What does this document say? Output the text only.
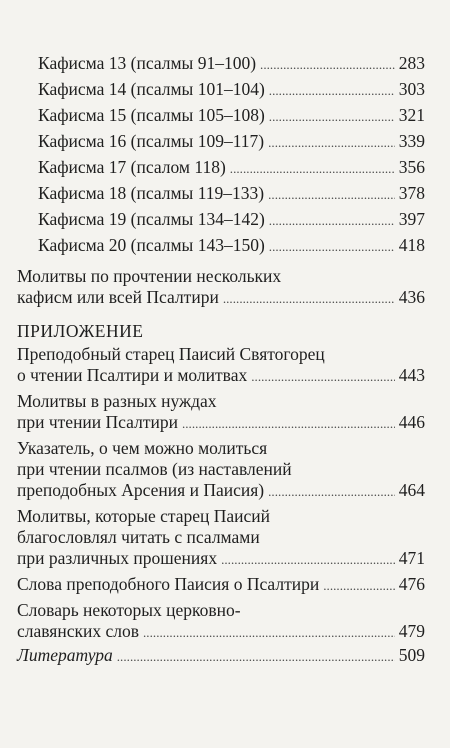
Кафисма 13 (псалмы 91–100) . . .	283
Кафисма 14 (псалмы 101–104) . . .	303
Кафисма 15 (псалмы 105–108) . . .	321
Кафисма 16 (псалмы 109–117) . . .	339
Кафисма 17 (псалом 118) . . .	356
Кафисма 18 (псалмы 119–133) . . .	378
Кафисма 19 (псалмы 134–142) . . .	397
Кафисма 20 (псалмы 143–150) . . .	418
Молитвы по прочтении нескольких
кафисм или всей Псалтири . . .	436
ПРИЛОЖЕНИЕ
Преподобный старец Паисий Святогорец
о чтении Псалтири и молитвах . . .	443
Молитвы в разных нуждах
при чтении Псалтири . . .	446
Указатель, о чем можно молиться
при чтении псалмов (из наставлений
преподобных Арсения и Паисия) . . .	464
Молитвы, которые старец Паисий
благословлял читать с псалмами
при различных прошениях . . .	471
Слова преподобного Паисия о Псалтири . . .	476
Словарь некоторых церковно-
славянских слов . . .	479
Литература . . .	509
